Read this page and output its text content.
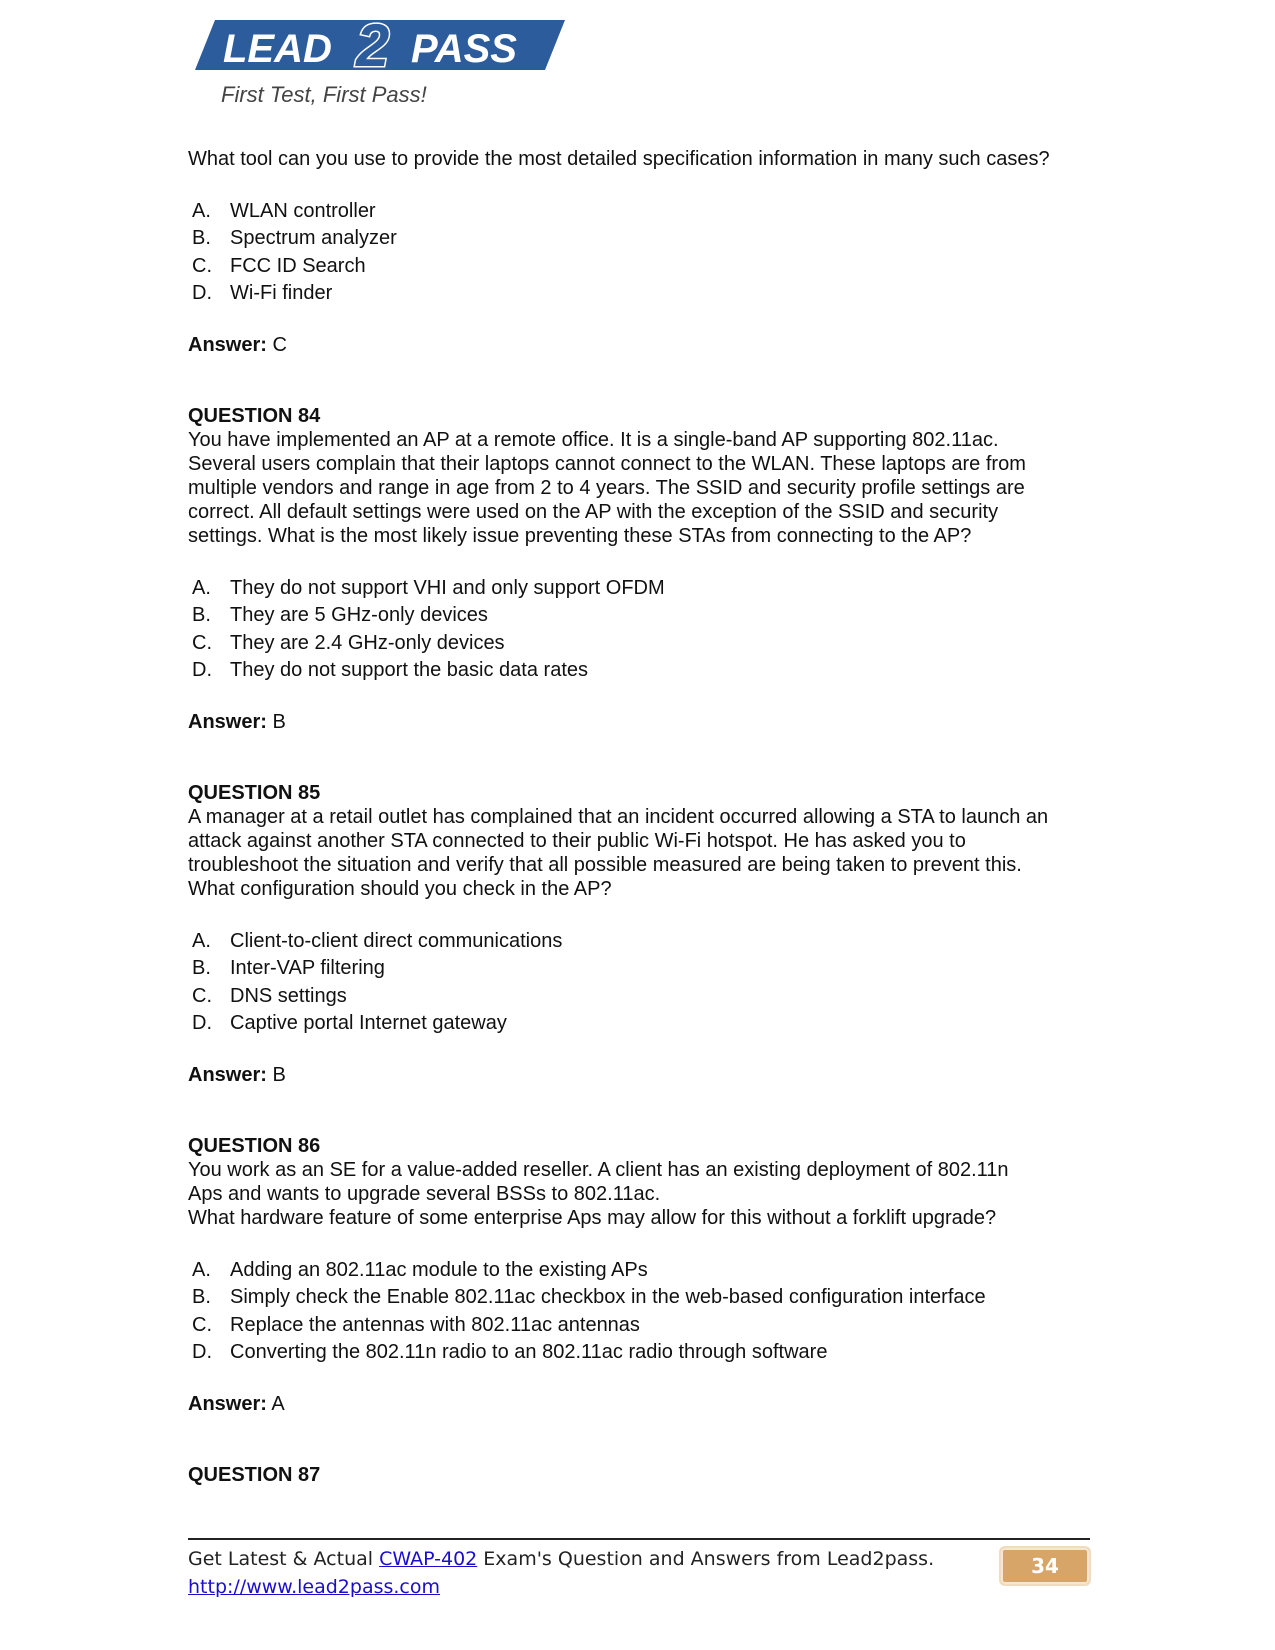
LEAD 2 PASS
First Test, First Pass!

What tool can you use to provide the most detailed specification information in many such cases?

A. WLAN controller
B. Spectrum analyzer
C. FCC ID Search
D. Wi-Fi finder
Answer: C

QUESTION 84

You have implemented an AP at a remote office. It is a single-band AP supporting 802.11ac.
Several users complain that their laptops cannot connect to the WLAN. These laptops are from
multiple vendors and range in age from 2 to 4 years. The SSID and security profile settings are
correct. All default settings were used on the AP with the exception of the SSID and security
settings. What is the most likely issue preventing these STAs from connecting to the AP?

A. They do not support VHI and only support OFDM
B. They are 5 GHz-only devices
C. They are 2.4 GHz-only devices
D. They do not support the basic data rates
Answer: B

QUESTION 85

A manager at a retail outlet has complained that an incident occurred allowing a STA to launch an
attack against another STA connected to their public Wi-Fi hotspot. He has asked you to
troubleshoot the situation and verify that all possible measured are being taken to prevent this.
What configuration should you check in the AP?

A. Client-to-client direct communications
B. Inter-VAP filtering
C. DNS settings
D. Captive portal Internet gateway
Answer: B

QUESTION 86

You work as an SE for a value-added reseller. A client has an existing deployment of 802.11n
Aps and wants to upgrade several BSSs to 802.11ac.
What hardware feature of some enterprise Aps may allow for this without a forklift upgrade?

A. Adding an 802.11ac module to the existing APs
B. Simply check the Enable 802.11ac checkbox in the web-based configuration interface
C. Replace the antennas with 802.11ac antennas
D. Converting the 802.11n radio to an 802.11ac radio through software
Answer: A

QUESTION 87

Get Latest & Actual CWAP-402 Exam's Question and Answers from Lead2pass.
http://www.lead2pass.com
34
